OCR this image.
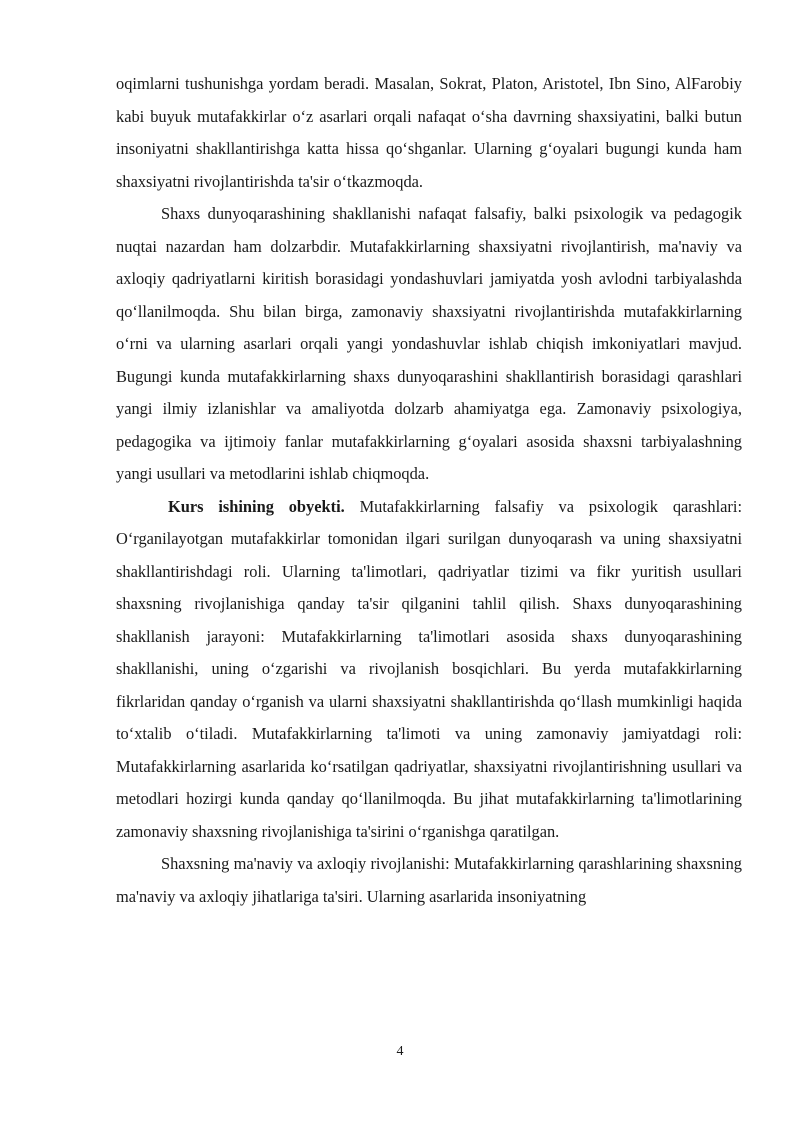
oqimlarni tushunishga yordam beradi. Masalan, Sokrat, Platon, Aristotel, Ibn Sino, AlFarobiy kabi buyuk mutafakkirlar o‘z asarlari orqali nafaqat o‘sha davrning shaxsiyatini, balki butun insoniyatni shakllantirishga katta hissa qo‘shganlar. Ularning g‘oyalari bugungi kunda ham shaxsiyatni rivojlantirishda ta'sir o‘tkazmoqda.

Shaxs dunyoqarashining shakllanishi nafaqat falsafiy, balki psixologik va pedagogik nuqtai nazardan ham dolzarbdir. Mutafakkirlarning shaxsiyatni rivojlantirish, ma'naviy va axloqiy qadriyatlarni kiritish borasidagi yondashuvlari jamiyatda yosh avlodni tarbiyalashda qo‘llanilmoqda. Shu bilan birga, zamonaviy shaxsiyatni rivojlantirishda mutafakkirlarning o‘rni va ularning asarlari orqali yangi yondashuvlar ishlab chiqish imkoniyatlari mavjud. Bugungi kunda mutafakkirlarning shaxs dunyoqarashini shakllantirish borasidagi qarashlari yangi ilmiy izlanishlar va amaliyotda dolzarb ahamiyatga ega. Zamonaviy psixologiya, pedagogika va ijtimoiy fanlar mutafakkirlarning g‘oyalari asosida shaxsni tarbiyalashning yangi usullari va metodlarini ishlab chiqmoqda.

Kurs ishining obyekti. Mutafakkirlarning falsafiy va psixologik qarashlari: O‘rganilayotgan mutafakkirlar tomonidan ilgari surilgan dunyoqarash va uning shaxsiyatni shakllantirishdagi roli. Ularning ta'limotlari, qadriyatlar tizimi va fikr yuritish usullari shaxsning rivojlanishiga qanday ta'sir qilganini tahlil qilish. Shaxs dunyoqarashining shakllanish jarayoni: Mutafakkirlarning ta'limotlari asosida shaxs dunyoqarashining shakllanishi, uning o‘zgarishi va rivojlanish bosqichlari. Bu yerda mutafakkirlarning fikrlaridan qanday o‘rganish va ularni shaxsiyatni shakllantirishda qo‘llash mumkinligi haqida to‘xtalib o‘tiladi. Mutafakkirlarning ta'limoti va uning zamonaviy jamiyatdagi roli: Mutafakkirlarning asarlarida ko‘rsatilgan qadriyatlar, shaxsiyatni rivojlantirishning usullari va metodlari hozirgi kunda qanday qo‘llanilmoqda. Bu jihat mutafakkirlarning ta'limotlarining zamonaviy shaxsning rivojlanishiga ta'sirini o‘rganishga qaratilgan.

Shaxsning ma'naviy va axloqiy rivojlanishi: Mutafakkirlarning qarashlarining shaxsning ma'naviy va axloqiy jihatlariga ta'siri. Ularning asarlarida insoniyatning

4
